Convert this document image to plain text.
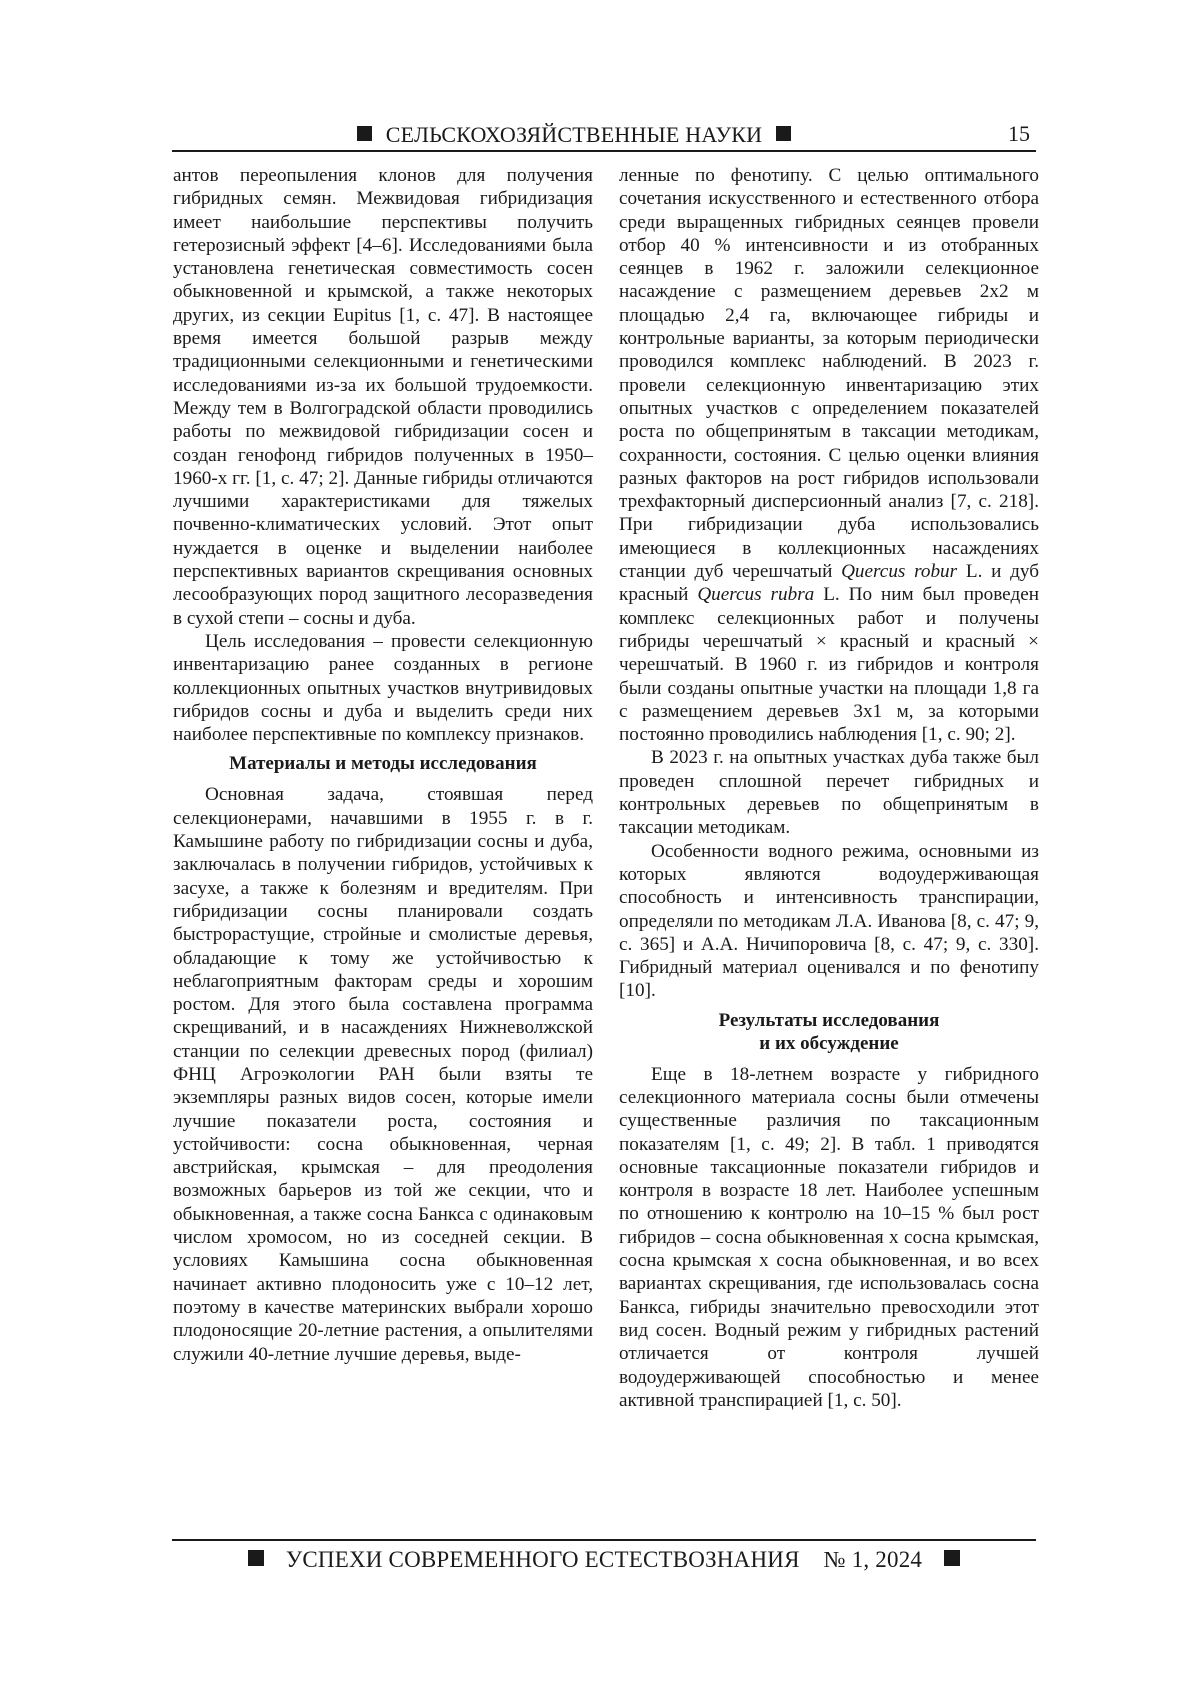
СЕЛЬСКОХОЗЯЙСТВЕННЫЕ НАУКИ	15

антов переопыления клонов для получения гибридных семян. Межвидовая гибридизация имеет наибольшие перспективы получить гетерозисный эффект [4–6]. Исследованиями была установлена генетическая совместимость сосен обыкновенной и крымской, а также некоторых других, из секции Eupitus [1, с. 47]. В настоящее время имеется большой разрыв между традиционными селекционными и генетическими исследованиями из-за их большой трудоемкости. Между тем в Волгоградской области проводились работы по межвидовой гибридизации сосен и создан генофонд гибридов полученных в 1950–1960-х гг. [1, с. 47; 2]. Данные гибриды отличаются лучшими характеристиками для тяжелых почвенно-климатических условий. Этот опыт нуждается в оценке и выделении наиболее перспективных вариантов скрещивания основных лесообразующих пород защитного лесоразведения в сухой степи – сосны и дуба.

Цель исследования – провести селекционную инвентаризацию ранее созданных в регионе коллекционных опытных участков внутривидовых гибридов сосны и дуба и выделить среди них наиболее перспективные по комплексу признаков.

Материалы и методы исследования

Основная задача, стоявшая перед селекционерами, начавшими в 1955 г. в г. Камышине работу по гибридизации сосны и дуба, заключалась в получении гибридов, устойчивых к засухе, а также к болезням и вредителям. При гибридизации сосны планировали создать быстрорастущие, стройные и смолистые деревья, обладающие к тому же устойчивостью к неблагоприятным факторам среды и хорошим ростом. Для этого была составлена программа скрещиваний, и в насаждениях Нижневолжской станции по селекции древесных пород (филиал) ФНЦ Агроэкологии РАН были взяты те экземпляры разных видов сосен, которые имели лучшие показатели роста, состояния и устойчивости: сосна обыкновенная, черная австрийская, крымская – для преодоления возможных барьеров из той же секции, что и обыкновенная, а также сосна Банкса с одинаковым числом хромосом, но из соседней секции. В условиях Камышина сосна обыкновенная начинает активно плодоносить уже с 10–12 лет, поэтому в качестве материнских выбрали хорошо плодоносящие 20-летние растения, а опылителями служили 40-летние лучшие деревья, выде-

ленные по фенотипу. С целью оптимального сочетания искусственного и естественного отбора среди выращенных гибридных сеянцев провели отбор 40 % интенсивности и из отобранных сеянцев в 1962 г. заложили селекционное насаждение с размещением деревьев 2х2 м площадью 2,4 га, включающее гибриды и контрольные варианты, за которым периодически проводился комплекс наблюдений. В 2023 г. провели селекционную инвентаризацию этих опытных участков с определением показателей роста по общепринятым в таксации методикам, сохранности, состояния. С целью оценки влияния разных факторов на рост гибридов использовали трехфакторный дисперсионный анализ [7, с. 218]. При гибридизации дуба использовались имеющиеся в коллекционных насаждениях станции дуб черешчатый Quercus robur L. и дуб красный Quercus rubra L. По ним был проведен комплекс селекционных работ и получены гибриды черешчатый × красный и красный × черешчатый. В 1960 г. из гибридов и контроля были созданы опытные участки на площади 1,8 га с размещением деревьев 3х1 м, за которыми постоянно проводились наблюдения [1, с. 90; 2].

В 2023 г. на опытных участках дуба также был проведен сплошной перечет гибридных и контрольных деревьев по общепринятым в таксации методикам.

Особенности водного режима, основными из которых являются водоудерживающая способность и интенсивность транспирации, определяли по методикам Л.А. Иванова [8, с. 47; 9, с. 365] и А.А. Ничипоровича [8, с. 47; 9, с. 330]. Гибридный материал оценивался и по фенотипу [10].

Результаты исследования
и их обсуждение

Еще в 18-летнем возрасте у гибридного селекционного материала сосны были отмечены существенные различия по таксационным показателям [1, с. 49; 2]. В табл. 1 приводятся основные таксационные показатели гибридов и контроля в возрасте 18 лет. Наиболее успешным по отношению к контролю на 10–15 % был рост гибридов – сосна обыкновенная х сосна крымская, сосна крымская х сосна обыкновенная, и во всех вариантах скрещивания, где использовалась сосна Банкса, гибриды значительно превосходили этот вид сосен. Водный режим у гибридных растений отличается от контроля лучшей водоудерживающей способностью и менее активной транспирацией [1, с. 50].

УСПЕХИ СОВРЕМЕННОГО ЕСТЕСТВОЗНАНИЯ № 1, 2024
